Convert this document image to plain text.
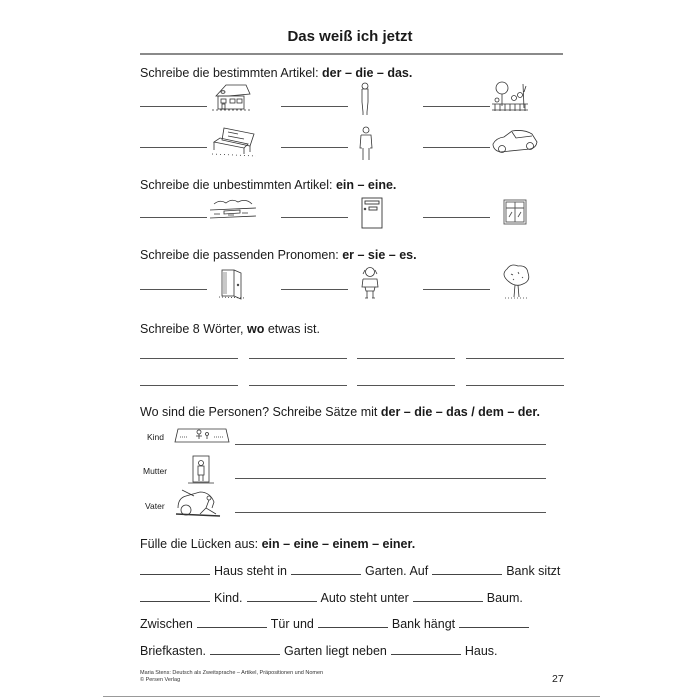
Das weiß ich jetzt
Schreibe die bestimmten Artikel: der – die – das.
Schreibe die unbestimmten Artikel: ein – eine.
Schreibe die passenden Pronomen: er – sie – es.
Schreibe 8 Wörter, wo etwas ist.
Wo sind die Personen? Schreibe Sätze mit der – die – das / dem – der.
Kind
Mutter
Vater
Fülle die Lücken aus: ein – eine – einem – einer.
Haus steht in	Garten. Auf	Bank sitzt
Kind.	Auto steht unter	Baum.
Zwischen	Tür und	Bank hängt
Briefkasten.	Garten liegt neben	Haus.
Maria Stens: Deutsch als Zweitsprache – Artikel, Präpositionen und Nomen
© Persen Verlag	27
